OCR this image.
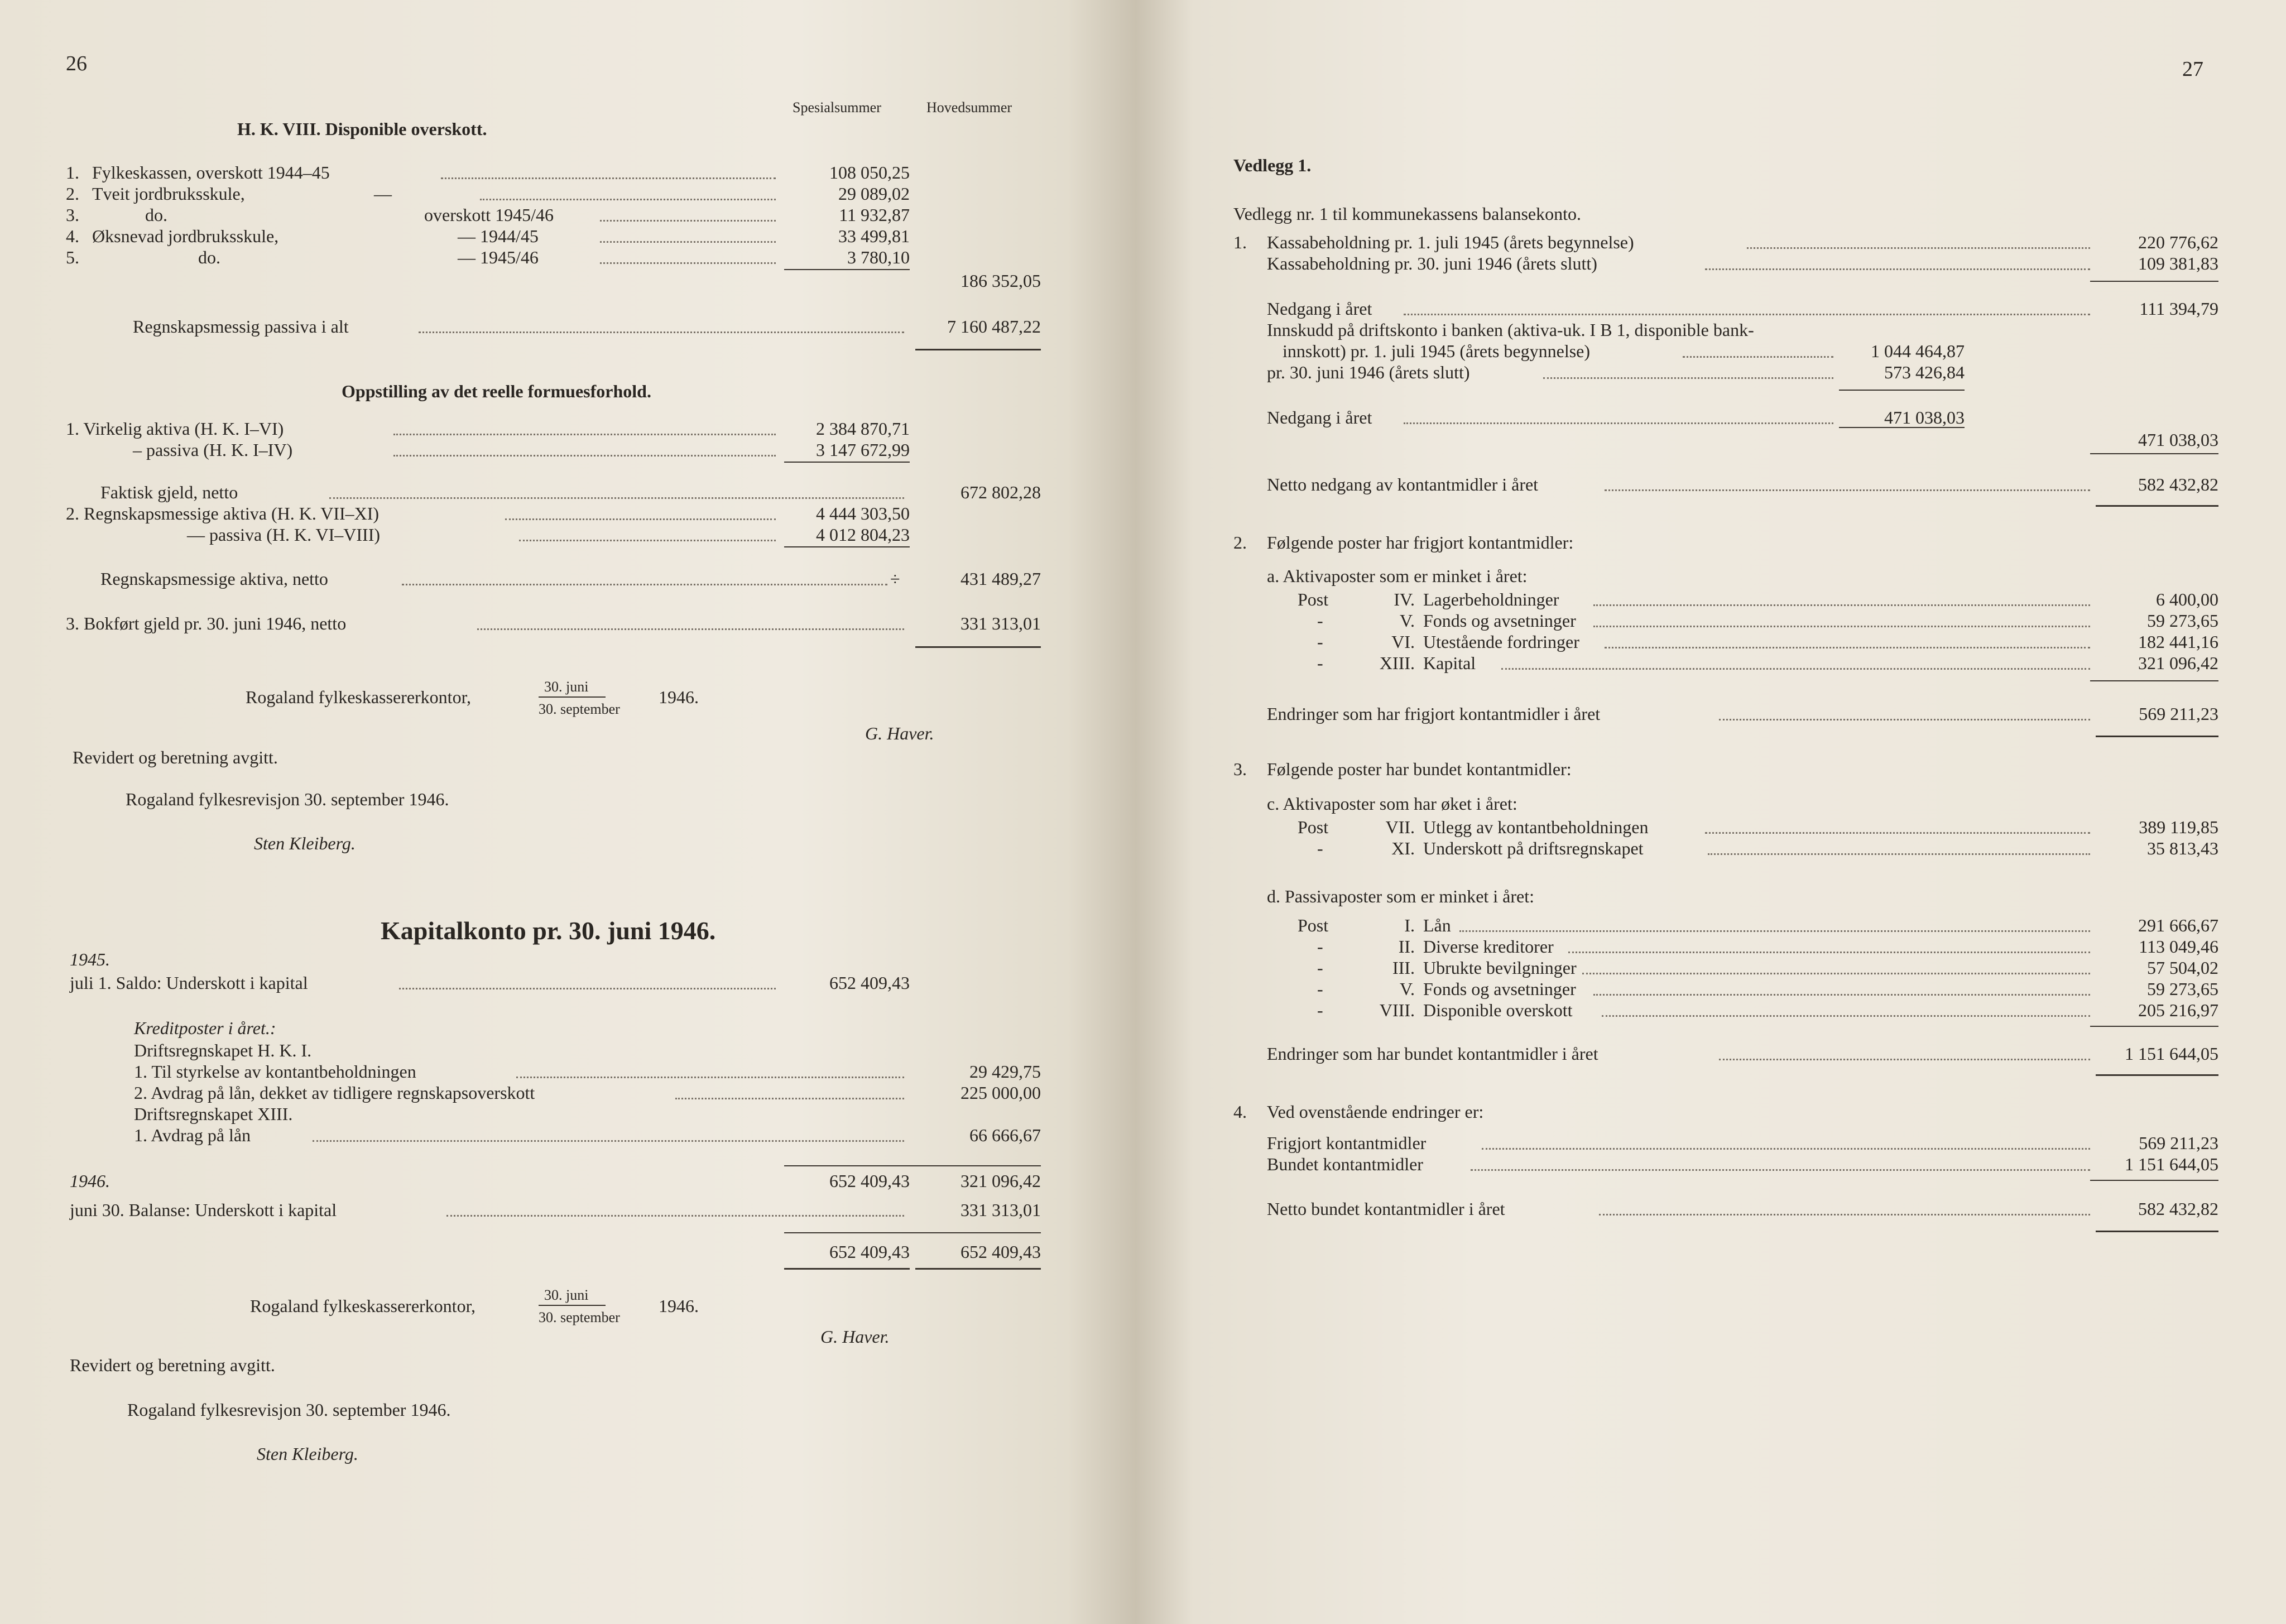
26
Spesialsummer	Hovedsummer
H. K. VIII. Disponible overskott.
1. Fylkeskassen, overskott 1944–45	108 050,25
2. Tveit jordbruksskule,	—	29 089,02
3.	do.	overskott 1945/46	11 932,87
4. Øksnevad jordbruksskule,	— 1944/45	33 499,81
5.	do.	— 1945/46	3 780,10
186 352,05
Regnskapsmessig passiva i alt	7 160 487,22
Oppstilling av det reelle formuesforhold.
1. Virkelig aktiva (H. K. I–VI)	2 384 870,71
– passiva (H. K. I–IV)	3 147 672,99
Faktisk gjeld, netto	672 802,28
2. Regnskapsmessige aktiva (H. K. VII–XI)	4 444 303,50
— passiva (H. K. VI–VIII)	4 012 804,23
Regnskapsmessige aktiva, netto	÷	431 489,27
3. Bokført gjeld pr. 30. juni 1946, netto	331 313,01
Rogaland fylkeskassererkontor,
30. juni
30. september
1946.
G. Haver.
Revidert og beretning avgitt.
Rogaland fylkesrevisjon 30. september 1946.
Sten Kleiberg.
Kapitalkonto pr. 30. juni 1946.
1945.
juli 1. Saldo: Underskott i kapital	652 409,43
Kreditposter i året.:
Driftsregnskapet H. K. I.
1. Til styrkelse av kontantbeholdningen	29 429,75
2. Avdrag på lån, dekket av tidligere regnskapsoverskott	225 000,00
Driftsregnskapet XIII.
1. Avdrag på lån	66 666,67
652 409,43	321 096,42
1946.
juni 30. Balanse: Underskott i kapital	331 313,01
652 409,43	652 409,43
Rogaland fylkeskassererkontor,
30. juni
30. september
1946.
G. Haver.
Revidert og beretning avgitt.
Rogaland fylkesrevisjon 30. september 1946.
Sten Kleiberg.
27
Vedlegg 1.
Vedlegg nr. 1 til kommunekassens balansekonto.
1. Kassabeholdning pr. 1. juli 1945 (årets begynnelse)	220 776,62
Kassabeholdning pr. 30. juni 1946 (årets slutt)	109 381,83
Nedgang i året	111 394,79
Innskudd på driftskonto i banken (aktiva-uk. I B 1, disponible bank-
innskott) pr. 1. juli 1945 (årets begynnelse)	1 044 464,87
pr. 30. juni 1946 (årets slutt)	573 426,84
Nedgang i året	471 038,03
471 038,03
Netto nedgang av kontantmidler i året	582 432,82
2. Følgende poster har frigjort kontantmidler:
a. Aktivaposter som er minket i året:
Post	IV. Lagerbeholdninger	6 400,00
-	V. Fonds og avsetninger	59 273,65
-	VI. Utestående fordringer	182 441,16
-	XIII. Kapital	321 096,42
Endringer som har frigjort kontantmidler i året	569 211,23
3. Følgende poster har bundet kontantmidler:
c. Aktivaposter som har øket i året:
Post	VII. Utlegg av kontantbeholdningen	389 119,85
-	XI. Underskott på driftsregnskapet	35 813,43
d. Passivaposter som er minket i året:
Post	I. Lån	291 666,67
-	II. Diverse kreditorer	113 049,46
-	III. Ubrukte bevilgninger	57 504,02
-	V. Fonds og avsetninger	59 273,65
-	VIII. Disponible overskott	205 216,97
Endringer som har bundet kontantmidler i året	1 151 644,05
4. Ved ovenstående endringer er:
Frigjort kontantmidler	569 211,23
Bundet kontantmidler	1 151 644,05
Netto bundet kontantmidler i året	582 432,82
